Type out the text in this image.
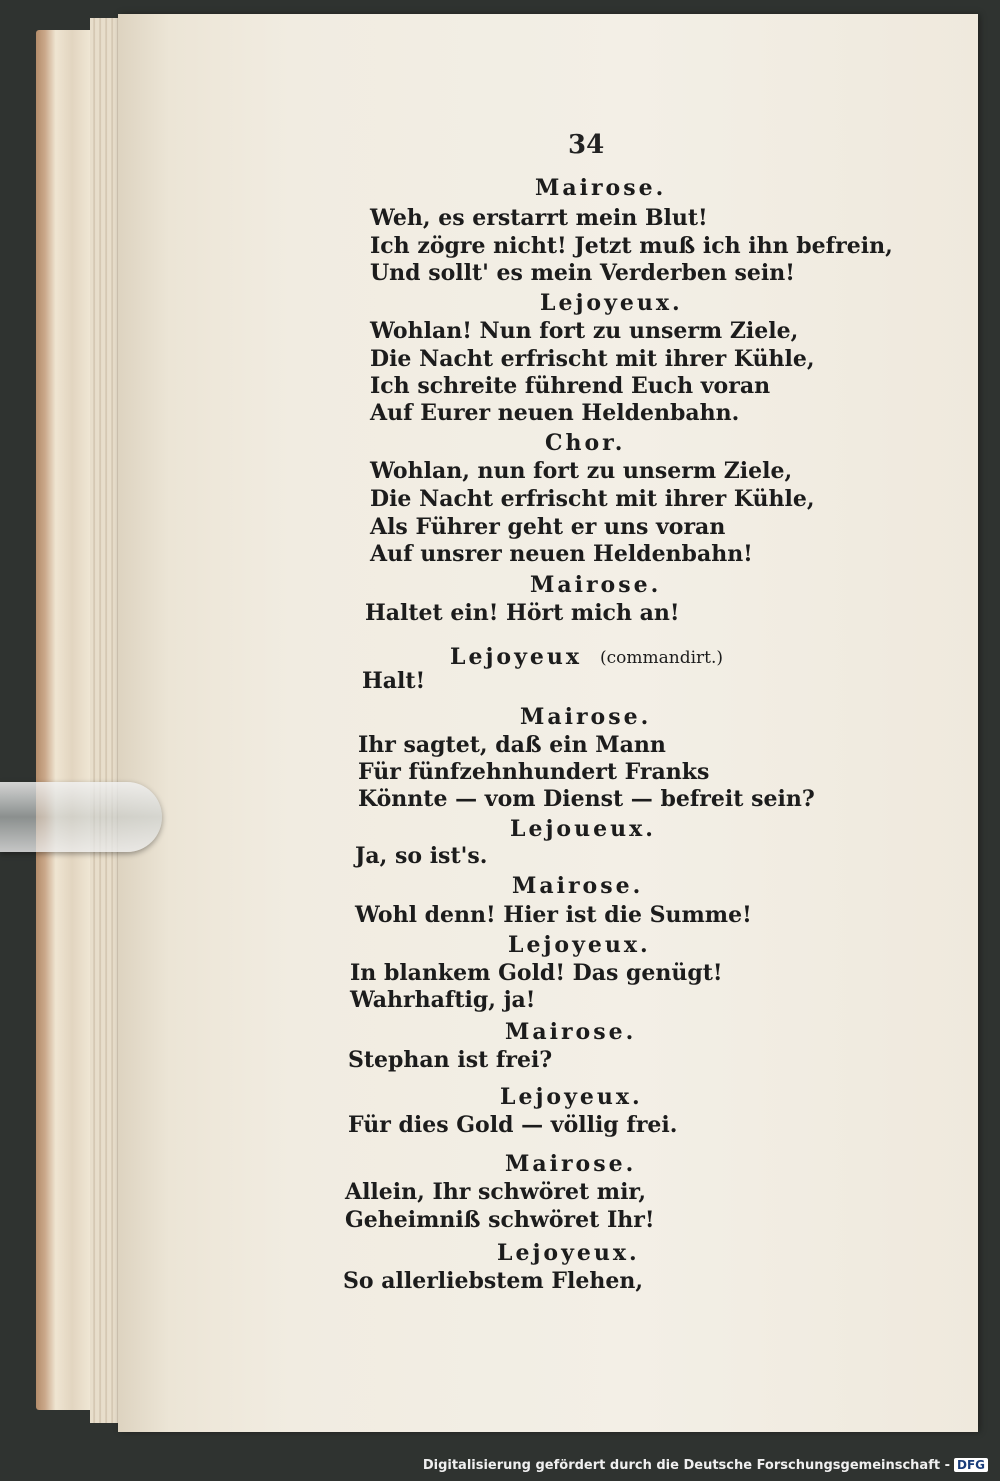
34
Mairose.
Weh, es erstarrt mein Blut!
Ich zögre nicht! Jetzt muß ich ihn befrein,
Und sollt' es mein Verderben sein!
Lejoyeux.
Wohlan! Nun fort zu unserm Ziele,
Die Nacht erfrischt mit ihrer Kühle,
Ich schreite führend Euch voran
Auf Eurer neuen Heldenbahn.
Chor.
Wohlan, nun fort zu unserm Ziele,
Die Nacht erfrischt mit ihrer Kühle,
Als Führer geht er uns voran
Auf unsrer neuen Heldenbahn!
Mairose.
Haltet ein! Hört mich an!
Lejoyeux (commandirt.)
Halt!
Mairose.
Ihr sagtet, daß ein Mann
Für fünfzehnhundert Franks
Könnte — vom Dienst — befreit sein?
Lejoueux.
Ja, so ist's.
Mairose.
Wohl denn! Hier ist die Summe!
Lejoyeux.
In blankem Gold! Das genügt!
Wahrhaftig, ja!
Mairose.
Stephan ist frei?
Lejoyeux.
Für dies Gold — völlig frei.
Mairose.
Allein, Ihr schwöret mir,
Geheimniß schwöret Ihr!
Lejoyeux.
So allerliebstem Flehen,
Digitalisierung gefördert durch die Deutsche Forschungsgemeinschaft - DFG
